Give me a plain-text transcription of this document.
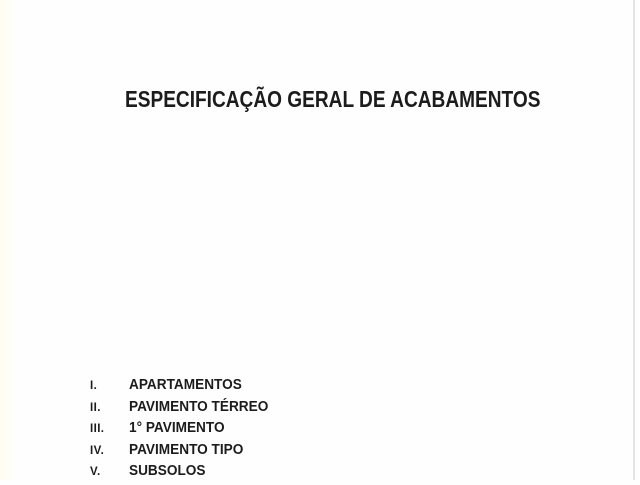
ESPECIFICAÇÃO GERAL DE ACABAMENTOS
I.	APARTAMENTOS
II.	PAVIMENTO TÉRREO
III.	1° PAVIMENTO
IV.	PAVIMENTO TIPO
V.	SUBSOLOS
